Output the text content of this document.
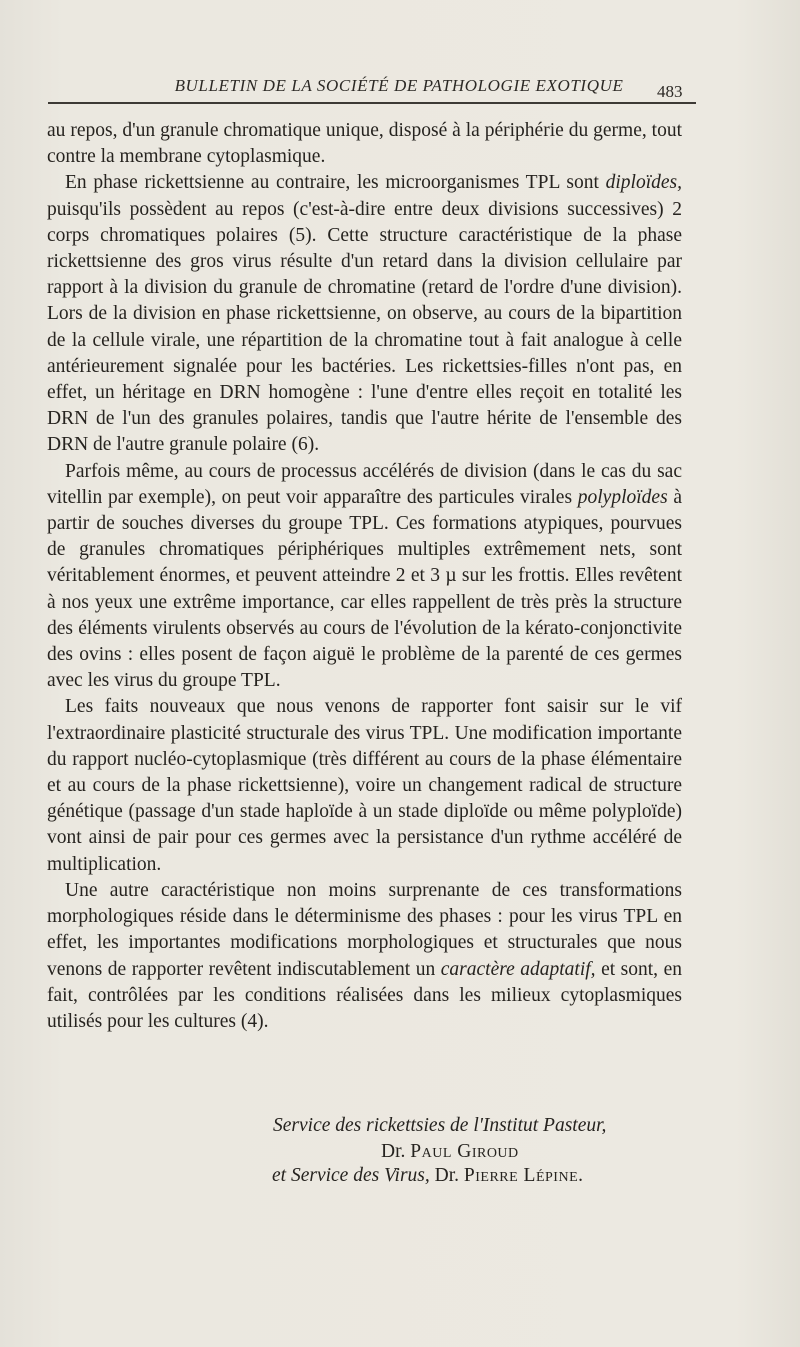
BULLETIN DE LA SOCIÉTÉ DE PATHOLOGIE EXOTIQUE	483

au repos, d'un granule chromatique unique, disposé à la périphérie du germe, tout contre la membrane cytoplasmique.

En phase rickettsienne au contraire, les microorganismes TPL sont diploïdes, puisqu'ils possèdent au repos (c'est-à-dire entre deux divisions successives) 2 corps chromatiques polaires (5). Cette structure caractéristique de la phase rickettsienne des gros virus résulte d'un retard dans la division cellulaire par rapport à la division du granule de chromatine (retard de l'ordre d'une division). Lors de la division en phase rickettsienne, on observe, au cours de la bipartition de la cellule virale, une répartition de la chromatine tout à fait analogue à celle antérieurement signalée pour les bactéries. Les rickettsies-filles n'ont pas, en effet, un héritage en DRN homogène : l'une d'entre elles reçoit en totalité les DRN de l'un des granules polaires, tandis que l'autre hérite de l'ensemble des DRN de l'autre granule polaire (6).

Parfois même, au cours de processus accélérés de division (dans le cas du sac vitellin par exemple), on peut voir apparaître des particules virales polyploïdes à partir de souches diverses du groupe TPL. Ces formations atypiques, pourvues de granules chromatiques périphériques multiples extrêmement nets, sont véritablement énormes, et peuvent atteindre 2 et 3 µ sur les frottis. Elles revêtent à nos yeux une extrême importance, car elles rappellent de très près la structure des éléments virulents observés au cours de l'évolution de la kérato-conjonctivite des ovins : elles posent de façon aiguë le problème de la parenté de ces germes avec les virus du groupe TPL.

Les faits nouveaux que nous venons de rapporter font saisir sur le vif l'extraordinaire plasticité structurale des virus TPL. Une modification importante du rapport nucléo-cytoplasmique (très différent au cours de la phase élémentaire et au cours de la phase rickettsienne), voire un changement radical de structure génétique (passage d'un stade haploïde à un stade diploïde ou même polyploïde) vont ainsi de pair pour ces germes avec la persistance d'un rythme accéléré de multiplication.

Une autre caractéristique non moins surprenante de ces transformations morphologiques réside dans le déterminisme des phases : pour les virus TPL en effet, les importantes modifications morphologiques et structurales que nous venons de rapporter revêtent indiscutablement un caractère adaptatif, et sont, en fait, contrôlées par les conditions réalisées dans les milieux cytoplasmiques utilisés pour les cultures (4).

Service des rickettsies de l'Institut Pasteur,
Dr. Paul Giroud
et Service des Virus, Dr. Pierre Lépine.
